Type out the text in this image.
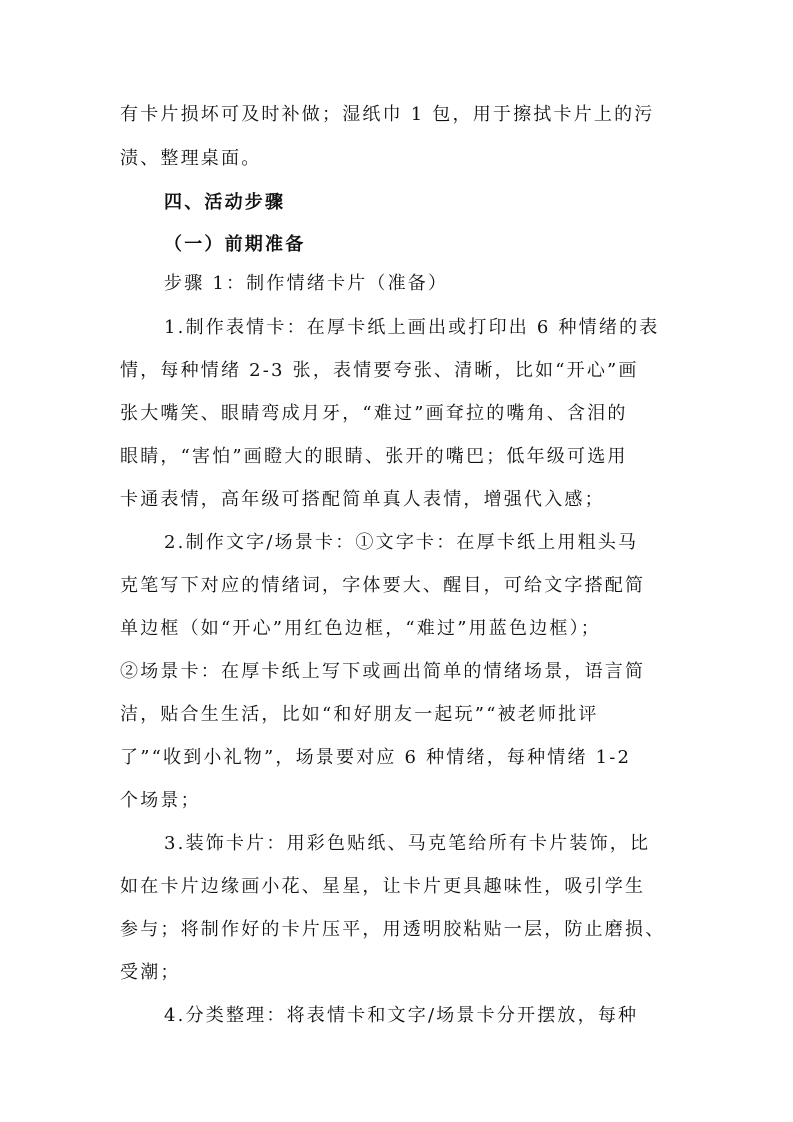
有卡片损坏可及时补做；湿纸巾 1 包，用于擦拭卡片上的污
渍、整理桌面。
四、活动步骤
（一）前期准备
步骤 1：制作情绪卡片（准备）
1.制作表情卡：在厚卡纸上画出或打印出 6 种情绪的表
情，每种情绪 2-3 张，表情要夸张、清晰，比如“开心”画
张大嘴笑、眼睛弯成月牙，“难过”画耷拉的嘴角、含泪的
眼睛，“害怕”画瞪大的眼睛、张开的嘴巴；低年级可选用
卡通表情，高年级可搭配简单真人表情，增强代入感；
2.制作文字/场景卡：①文字卡：在厚卡纸上用粗头马
克笔写下对应的情绪词，字体要大、醒目，可给文字搭配简
单边框（如“开心”用红色边框，“难过”用蓝色边框）；
②场景卡：在厚卡纸上写下或画出简单的情绪场景，语言简
洁，贴合生生活，比如“和好朋友一起玩”“被老师批评
了”“收到小礼物”，场景要对应 6 种情绪，每种情绪 1-2
个场景；
3.装饰卡片：用彩色贴纸、马克笔给所有卡片装饰，比
如在卡片边缘画小花、星星，让卡片更具趣味性，吸引学生
参与；将制作好的卡片压平，用透明胶粘贴一层，防止磨损、
受潮；
4.分类整理：将表情卡和文字/场景卡分开摆放，每种
